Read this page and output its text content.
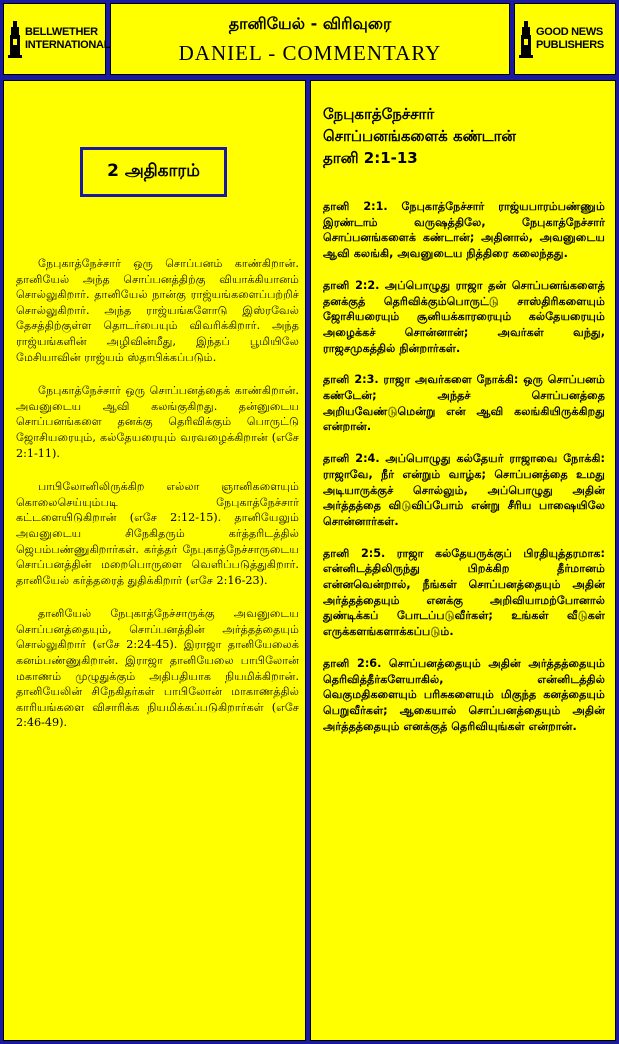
BELLWETHER INTERNATIONAL
தானியேல் - விரிவுரை
DANIEL - COMMENTARY
GOOD NEWS PUBLISHERS
2 அதிகாரம்

நேபுகாத்நேச்சார் ஒரு சொப்பனம் காண்கிறான். தானியேல் அந்த சொப்பனத்திற்கு வியாக்கியானம் சொல்லுகிறார். தானியேல் நான்கு ராஜ்யங்களைப்பற்றிச் சொல்லுகிறார். அந்த ராஜ்யங்களோடு இஸ்ரவேல் தேசத்திற்குள்ள தொடர்பையும் விவரிக்கிறார். அந்த ராஜ்யங்களின் அழிவின்மீது, இந்தப் பூமியிலே மேசியாவின் ராஜ்யம் ஸ்தாபிக்கப்படும்.

நேபுகாத்நேச்சார் ஒரு சொப்பனத்தைக் காண்கிறான். அவனுடைய ஆவி கலங்குகிறது. தன்னுடைய சொப்பனங்களை தனக்கு தெரிவிக்கும் பொருட்டு ஜோசியரையும், கல்தேயரையும் வரவழைக்கிறான் (எசே 2:1-11).

பாபிலோனிலிருக்கிற எல்லா ஞானிகளையும் கொலைசெய்யும்படி நேபுகாத்நேச்சார் கட்டளையிடுகிறான் (எசே 2:12-15). தானியேலும் அவனுடைய சிநேகிதரும் கர்த்தரிடத்தில் ஜெபம்பண்ணுகிறார்கள். கர்த்தர் நேபுகாத்நேச்சாருடைய சொப்பனத்தின் மறைபொருளை வெளிப்படுத்துகிறார். தானியேல் கர்த்தரைத் துதிக்கிறார் (எசே 2:16-23).

தானியேல் நேபுகாத்நேச்சாருக்கு அவனுடைய சொப்பனத்தையும், சொப்பனத்தின் அர்த்தத்தையும் சொல்லுகிறார் (எசே 2:24-45). இராஜா தானியேலைக் கனம்பண்ணுகிறான். இராஜா தானியேலை பாபிலோன் மகாணம் முழுதுக்கும் அதிபதியாக நியமிக்கிறான். தானியேலின் சிநேகிதர்கள் பாபிலோன் மாகாணத்தில் காரியங்களை விசாரிக்க நியமிக்கப்படுகிறார்கள் (எசே 2:46-49).

நேபுகாத்நேச்சார்
சொப்பனங்களைக் கண்டான்
தானி 2:1-13

தானி 2:1. நேபுகாத்நேச்சார் ராஜ்யபாரம்பண்ணும் இரண்டாம் வருஷத்திலே, நேபுகாத்நேச்சார் சொப்பனங்களைக் கண்டான்; அதினால், அவனுடைய ஆவி கலங்கி, அவனுடைய நித்திரை கலைந்தது.

தானி 2:2. அப்பொழுது ராஜா தன் சொப்பனங்களைத் தனக்குத் தெரிவிக்கும்பொருட்டு சாஸ்திரிகளையும் ஜோசியரையும் சூனியக்காரரையும் கல்தேயரையும் அழைக்கச் சொன்னான்; அவர்கள் வந்து, ராஜசமுகத்தில் நின்றார்கள்.

தானி 2:3. ராஜா அவர்களை நோக்கி: ஒரு சொப்பனம் கண்டேன்; அந்தச் சொப்பனத்தை அறியவேண்டுமென்று என் ஆவி கலங்கியிருக்கிறது என்றான்.

தானி 2:4. அப்பொழுது கல்தேயர் ராஜாவை நோக்கி: ராஜாவே, நீர் என்றும் வாழ்க; சொப்பனத்தை உமது அடியாருக்குச் சொல்லும், அப்பொழுது அதின் அர்த்தத்தை விடுவிப்போம் என்று சீரிய பாஷையிலே சொன்னார்கள்.

தானி 2:5. ராஜா கல்தேயருக்குப் பிரதியுத்தரமாக: என்னிடத்திலிருந்து பிறக்கிற தீர்மானம் என்னவென்றால், நீங்கள் சொப்பனத்தையும் அதின் அர்த்தத்தையும் எனக்கு அறிவியாமற்போனால் துண்டிக்கப் போடப்படுவீர்கள்; உங்கள் வீடுகள் எருக்களங்களாக்கப்படும்.

தானி 2:6. சொப்பனத்தையும் அதின் அர்த்தத்தையும் தெரிவித்தீர்களேயாகில், என்னிடத்தில் வெகுமதிகளையும் பரிசுகளையும் மிகுந்த கனத்தையும் பெறுவீர்கள்; ஆகையால் சொப்பனத்தையும் அதின் அர்த்தத்தையும் எனக்குத் தெரிவியுங்கள் என்றான்.
